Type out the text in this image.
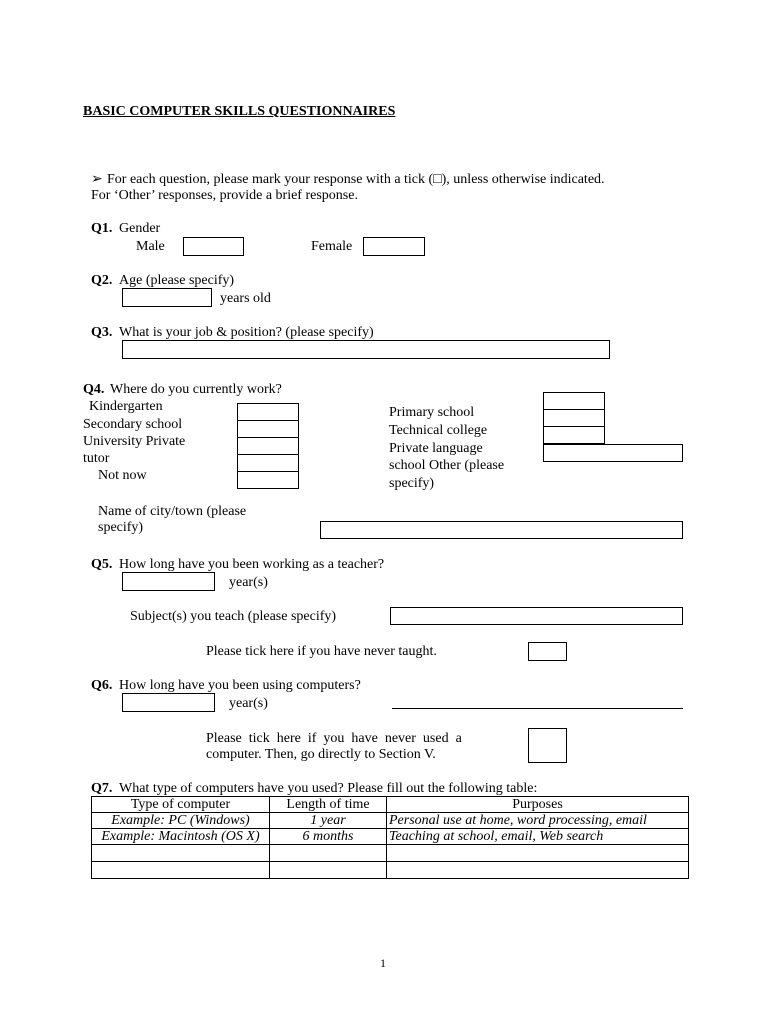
BASIC COMPUTER SKILLS QUESTIONNAIRES
➢ For each question, please mark your response with a tick (□), unless otherwise indicated.
For ‘Other’ responses, provide a brief response.
Q1. Gender
Male	Female
Q2. Age (please specify)
years old
Q3. What is your job & position? (please specify)
Q4. Where do you currently work?
Kindergarten
Secondary school
University Private
tutor
Not now
Primary school
Technical college
Private language
school Other (please
specify)
Name of city/town (please
specify)
Q5. How long have you been working as a teacher?
year(s)
Subject(s) you teach (please specify)
Please tick here if you have never taught.
Q6. How long have you been using computers?
year(s)
Please  tick  here  if  you  have  never  used  a
computer. Then, go directly to Section V.
Q7. What type of computers have you used? Please fill out the following table:
Type of computer	Length of time	Purposes
Example: PC (Windows)	1 year	Personal use at home, word processing, email
Example: Macintosh (OS X)	6 months	Teaching at school, email, Web search

1
